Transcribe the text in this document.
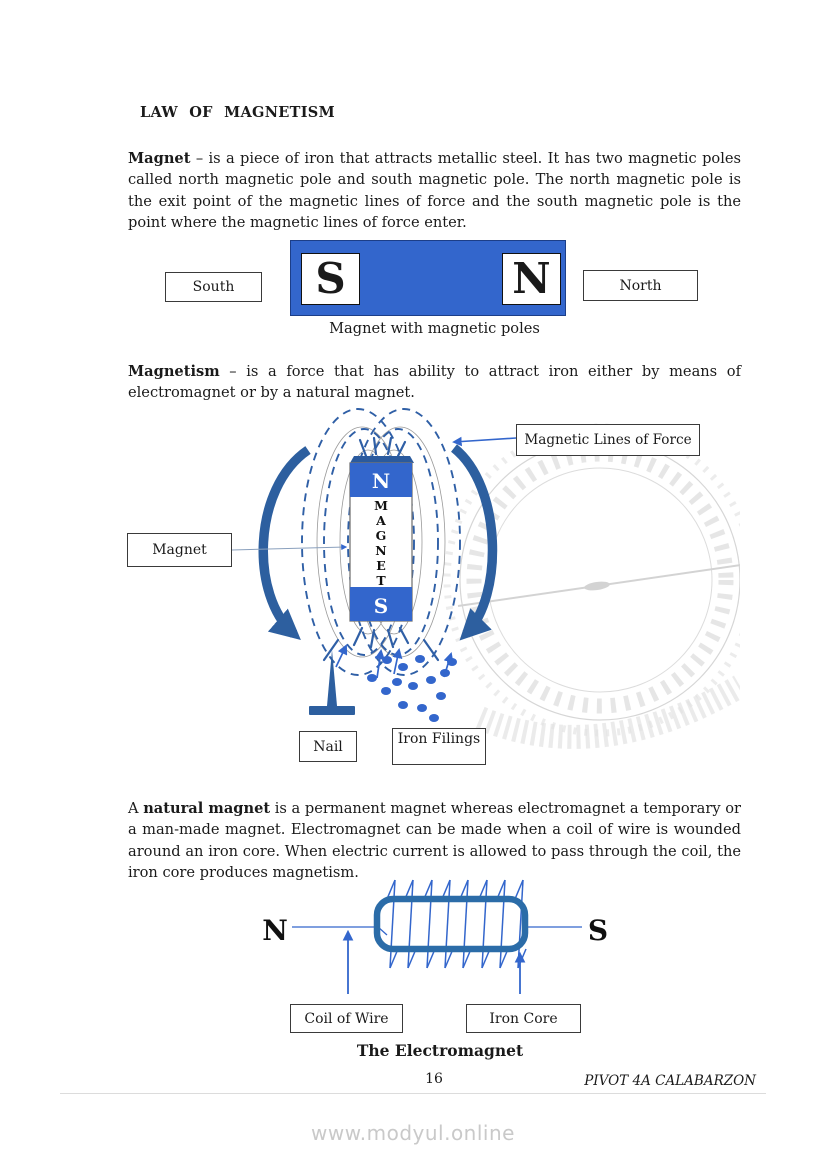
LAW OF MAGNETISM

Magnet – is a piece of iron that attracts metallic steel. It has two magnetic poles called north magnetic pole and south magnetic pole. The north magnetic pole is the exit point of the magnetic lines of force and the south magnetic pole is the point where the magnetic lines of force enter.

S	N
South	North
Magnet with magnetic poles

Magnetism – is a force that has ability to attract iron either by means of electromagnet or by a natural magnet.

N
S
M
A
G
N
E
T
Magnetic Lines of Force
Magnet
Nail	Iron Filings

A natural magnet is a permanent magnet whereas electromagnet a temporary or a man-made magnet. Electromagnet can be made when a coil of wire is wounded around an iron core. When electric current is allowed to pass through the coil, the iron core produces magnetism.

N	S
Coil of Wire	Iron Core
The Electromagnet
16	PIVOT 4A CALABARZON
www.modyul.online
